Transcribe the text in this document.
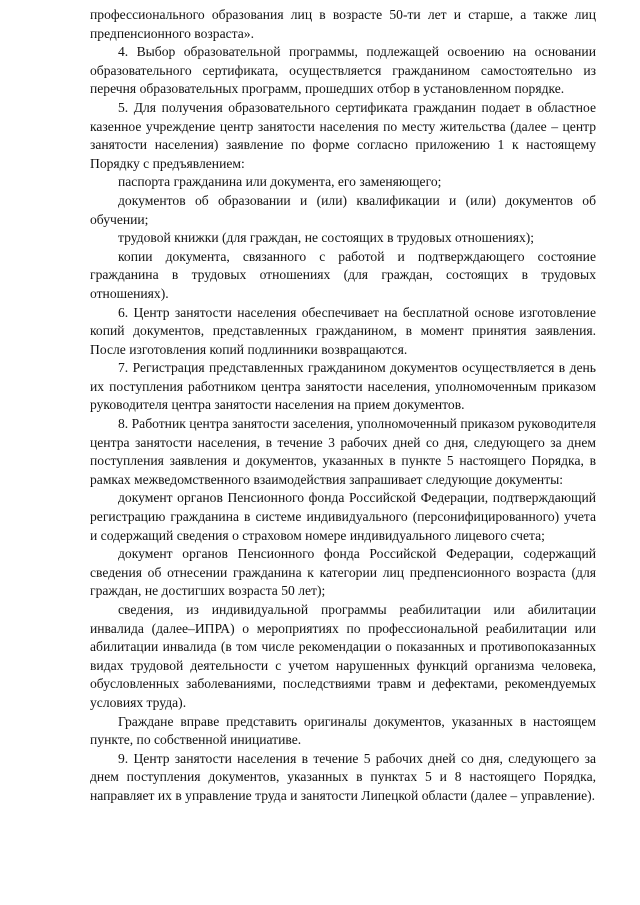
профессионального образования лиц в возрасте 50-ти лет и старше, а также лиц предпенсионного возраста».

4. Выбор образовательной программы, подлежащей освоению на основании образовательного сертификата, осуществляется гражданином самостоятельно из перечня образовательных программ, прошедших отбор в установленном порядке.

5. Для получения образовательного сертификата гражданин подает в областное казенное учреждение центр занятости населения по месту жительства (далее – центр занятости населения) заявление по форме согласно приложению 1 к настоящему Порядку с предъявлением:

паспорта гражданина или документа, его заменяющего;

документов об образовании и (или) квалификации и (или) документов об обучении;

трудовой книжки (для граждан, не состоящих в трудовых отношениях);

копии документа, связанного с работой и подтверждающего состояние гражданина в трудовых отношениях (для граждан, состоящих в трудовых отношениях).

6. Центр занятости населения обеспечивает на бесплатной основе изготовление копий документов, представленных гражданином, в момент принятия заявления. После изготовления копий подлинники возвращаются.

7. Регистрация представленных гражданином документов осуществляется в день их поступления работником центра занятости населения, уполномоченным приказом руководителя центра занятости населения на прием документов.

8. Работник центра занятости заселения, уполномоченный приказом руководителя центра занятости населения, в течение 3 рабочих дней со дня, следующего за днем поступления заявления и документов, указанных в пункте 5 настоящего Порядка, в рамках межведомственного взаимодействия запрашивает следующие документы:

документ органов Пенсионного фонда Российской Федерации, подтверждающий регистрацию гражданина в системе индивидуального (персонифицированного) учета и содержащий сведения о страховом номере индивидуального лицевого счета;

документ органов Пенсионного фонда Российской Федерации, содержащий сведения об отнесении гражданина к категории лиц предпенсионного возраста (для граждан, не достигших возраста 50 лет);

сведения, из индивидуальной программы реабилитации или абилитации инвалида (далее–ИПРА) о мероприятиях по профессиональной реабилитации или абилитации инвалида (в том числе рекомендации о показанных и противопоказанных видах трудовой деятельности с учетом нарушенных функций организма человека, обусловленных заболеваниями, последствиями травм и дефектами, рекомендуемых условиях труда).

Граждане вправе представить оригиналы документов, указанных в настоящем пункте, по собственной инициативе.

9. Центр занятости населения в течение 5 рабочих дней со дня, следующего за днем поступления документов, указанных в пунктах 5 и 8 настоящего Порядка, направляет их в управление труда и занятости Липецкой области (далее – управление).
